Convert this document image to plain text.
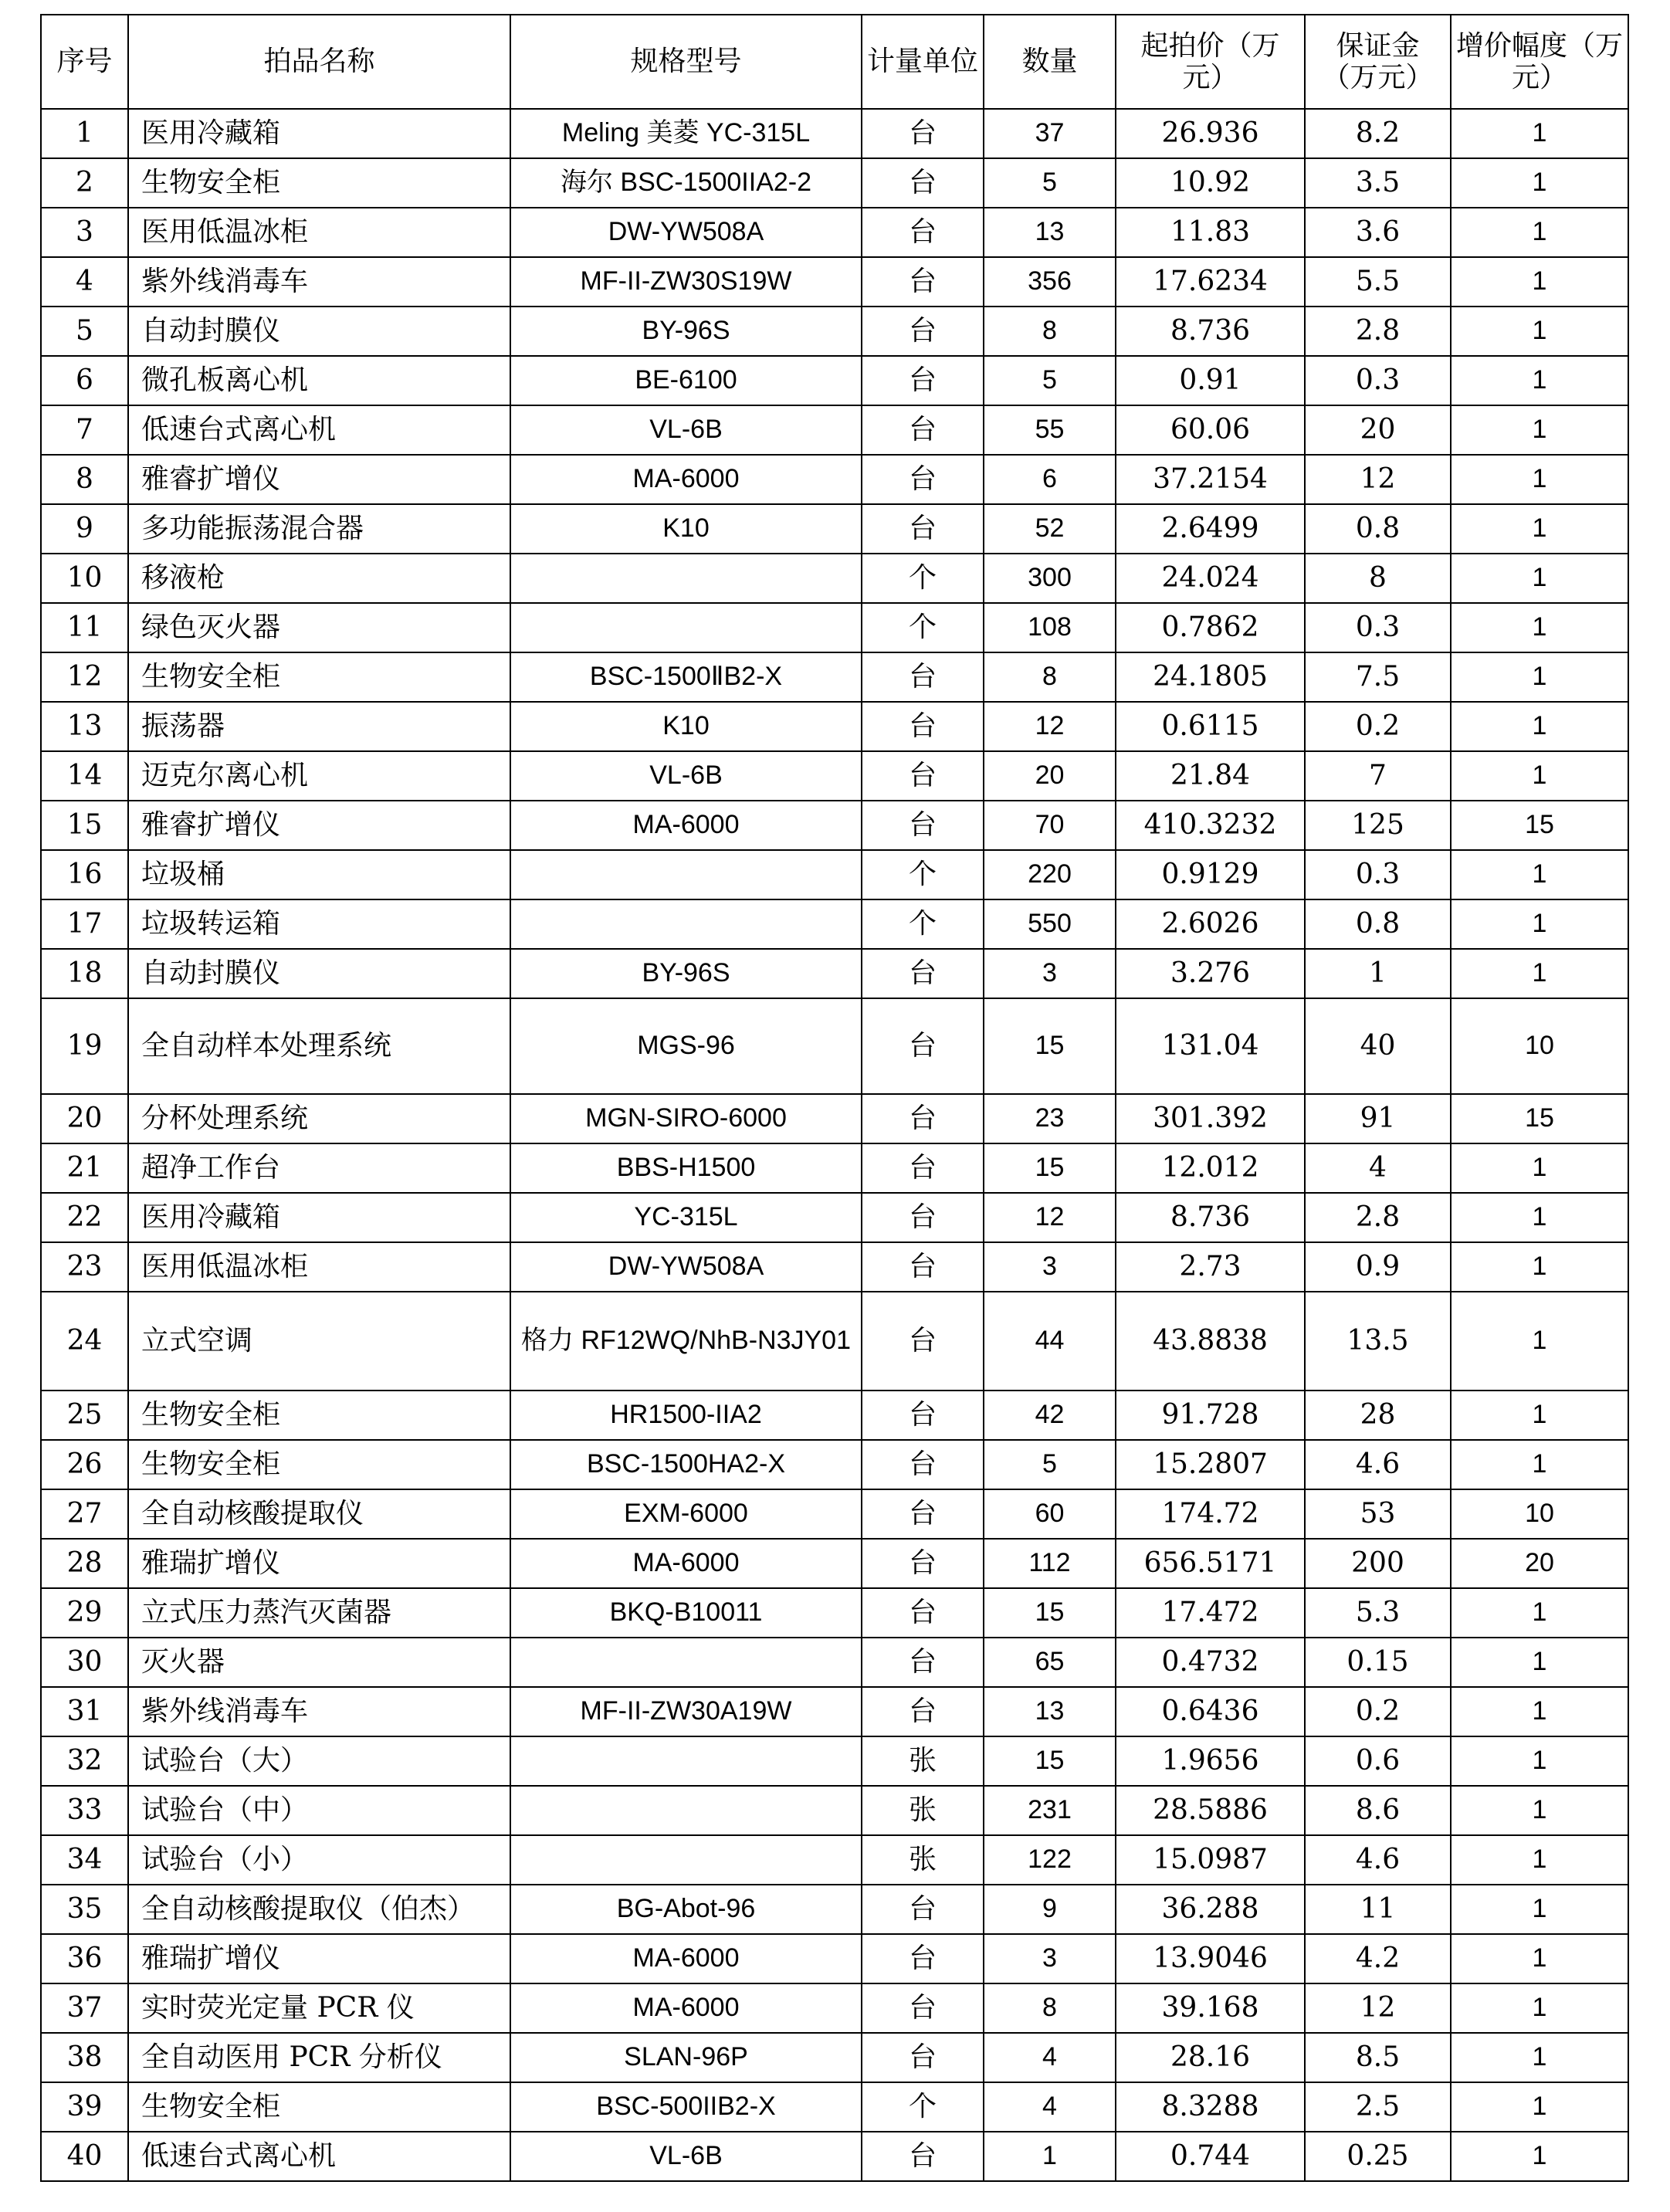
序号	拍品名称	规格型号	计量单位	数量	起拍价（万元）	保证金（万元）	增价幅度（万元）
1	医用冷藏箱	Meling 美菱 YC-315L	台	37	26.936	8.2	1
2	生物安全柜	海尔 BSC-1500IIA2-2	台	5	10.92	3.5	1
3	医用低温冰柜	DW-YW508A	台	13	11.83	3.6	1
4	紫外线消毒车	MF-II-ZW30S19W	台	356	17.6234	5.5	1
5	自动封膜仪	BY-96S	台	8	8.736	2.8	1
6	微孔板离心机	BE-6100	台	5	0.91	0.3	1
7	低速台式离心机	VL-6B	台	55	60.06	20	1
8	雅睿扩增仪	MA-6000	台	6	37.2154	12	1
9	多功能振荡混合器	K10	台	52	2.6499	0.8	1
10	移液枪		个	300	24.024	8	1
11	绿色灭火器		个	108	0.7862	0.3	1
12	生物安全柜	BSC-1500ⅡB2-X	台	8	24.1805	7.5	1
13	振荡器	K10	台	12	0.6115	0.2	1
14	迈克尔离心机	VL-6B	台	20	21.84	7	1
15	雅睿扩增仪	MA-6000	台	70	410.3232	125	15
16	垃圾桶		个	220	0.9129	0.3	1
17	垃圾转运箱		个	550	2.6026	0.8	1
18	自动封膜仪	BY-96S	台	3	3.276	1	1
19	全自动样本处理系统	MGS-96	台	15	131.04	40	10
20	分杯处理系统	MGN-SIRO-6000	台	23	301.392	91	15
21	超净工作台	BBS-H1500	台	15	12.012	4	1
22	医用冷藏箱	YC-315L	台	12	8.736	2.8	1
23	医用低温冰柜	DW-YW508A	台	3	2.73	0.9	1
24	立式空调	格力 RF12WQ/NhB-N3JY01	台	44	43.8838	13.5	1
25	生物安全柜	HR1500-IIA2	台	42	91.728	28	1
26	生物安全柜	BSC-1500HA2-X	台	5	15.2807	4.6	1
27	全自动核酸提取仪	EXM-6000	台	60	174.72	53	10
28	雅瑞扩增仪	MA-6000	台	112	656.5171	200	20
29	立式压力蒸汽灭菌器	BKQ-B10011	台	15	17.472	5.3	1
30	灭火器		台	65	0.4732	0.15	1
31	紫外线消毒车	MF-II-ZW30A19W	台	13	0.6436	0.2	1
32	试验台（大）		张	15	1.9656	0.6	1
33	试验台（中）		张	231	28.5886	8.6	1
34	试验台（小）		张	122	15.0987	4.6	1
35	全自动核酸提取仪（伯杰）	BG-Abot-96	台	9	36.288	11	1
36	雅瑞扩增仪	MA-6000	台	3	13.9046	4.2	1
37	实时荧光定量 PCR 仪	MA-6000	台	8	39.168	12	1
38	全自动医用 PCR 分析仪	SLAN-96P	台	4	28.16	8.5	1
39	生物安全柜	BSC-500IIB2-X	个	4	8.3288	2.5	1
40	低速台式离心机	VL-6B	台	1	0.744	0.25	1
